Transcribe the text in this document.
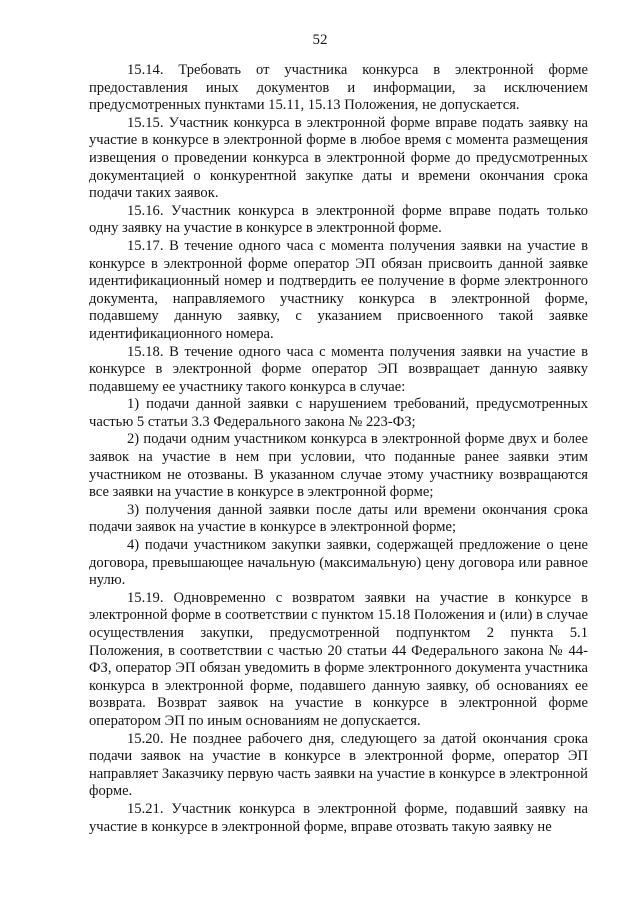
52

15.14. Требовать от участника конкурса в электронной форме предоставления иных документов и информации, за исключением предусмотренных пунктами 15.11, 15.13 Положения, не допускается.

15.15. Участник конкурса в электронной форме вправе подать заявку на участие в конкурсе в электронной форме в любое время с момента размещения извещения о проведении конкурса в электронной форме до предусмотренных документацией о конкурентной закупке даты и времени окончания срока подачи таких заявок.

15.16. Участник конкурса в электронной форме вправе подать только одну заявку на участие в конкурсе в электронной форме.

15.17. В течение одного часа с момента получения заявки на участие в конкурсе в электронной форме оператор ЭП обязан присвоить данной заявке идентификационный номер и подтвердить ее получение в форме электронного документа, направляемого участнику конкурса в электронной форме, подавшему данную заявку, с указанием присвоенного такой заявке идентификационного номера.

15.18. В течение одного часа с момента получения заявки на участие в конкурсе в электронной форме оператор ЭП возвращает данную заявку подавшему ее участнику такого конкурса в случае:

1) подачи данной заявки с нарушением требований, предусмотренных частью 5 статьи 3.3 Федерального закона № 223-ФЗ;

2) подачи одним участником конкурса в электронной форме двух и более заявок на участие в нем при условии, что поданные ранее заявки этим участником не отозваны. В указанном случае этому участнику возвращаются все заявки на участие в конкурсе в электронной форме;

3) получения данной заявки после даты или времени окончания срока подачи заявок на участие в конкурсе в электронной форме;

4) подачи участником закупки заявки, содержащей предложение о цене договора, превышающее начальную (максимальную) цену договора или равное нулю.

15.19. Одновременно с возвратом заявки на участие в конкурсе в электронной форме в соответствии с пунктом 15.18 Положения и (или) в случае осуществления закупки, предусмотренной подпунктом 2 пункта 5.1 Положения, в соответствии с частью 20 статьи 44 Федерального закона № 44-ФЗ, оператор ЭП обязан уведомить в форме электронного документа участника конкурса в электронной форме, подавшего данную заявку, об основаниях ее возврата. Возврат заявок на участие в конкурсе в электронной форме оператором ЭП по иным основаниям не допускается.

15.20. Не позднее рабочего дня, следующего за датой окончания срока подачи заявок на участие в конкурсе в электронной форме, оператор ЭП направляет Заказчику первую часть заявки на участие в конкурсе в электронной форме.

15.21. Участник конкурса в электронной форме, подавший заявку на участие в конкурсе в электронной форме, вправе отозвать такую заявку не
